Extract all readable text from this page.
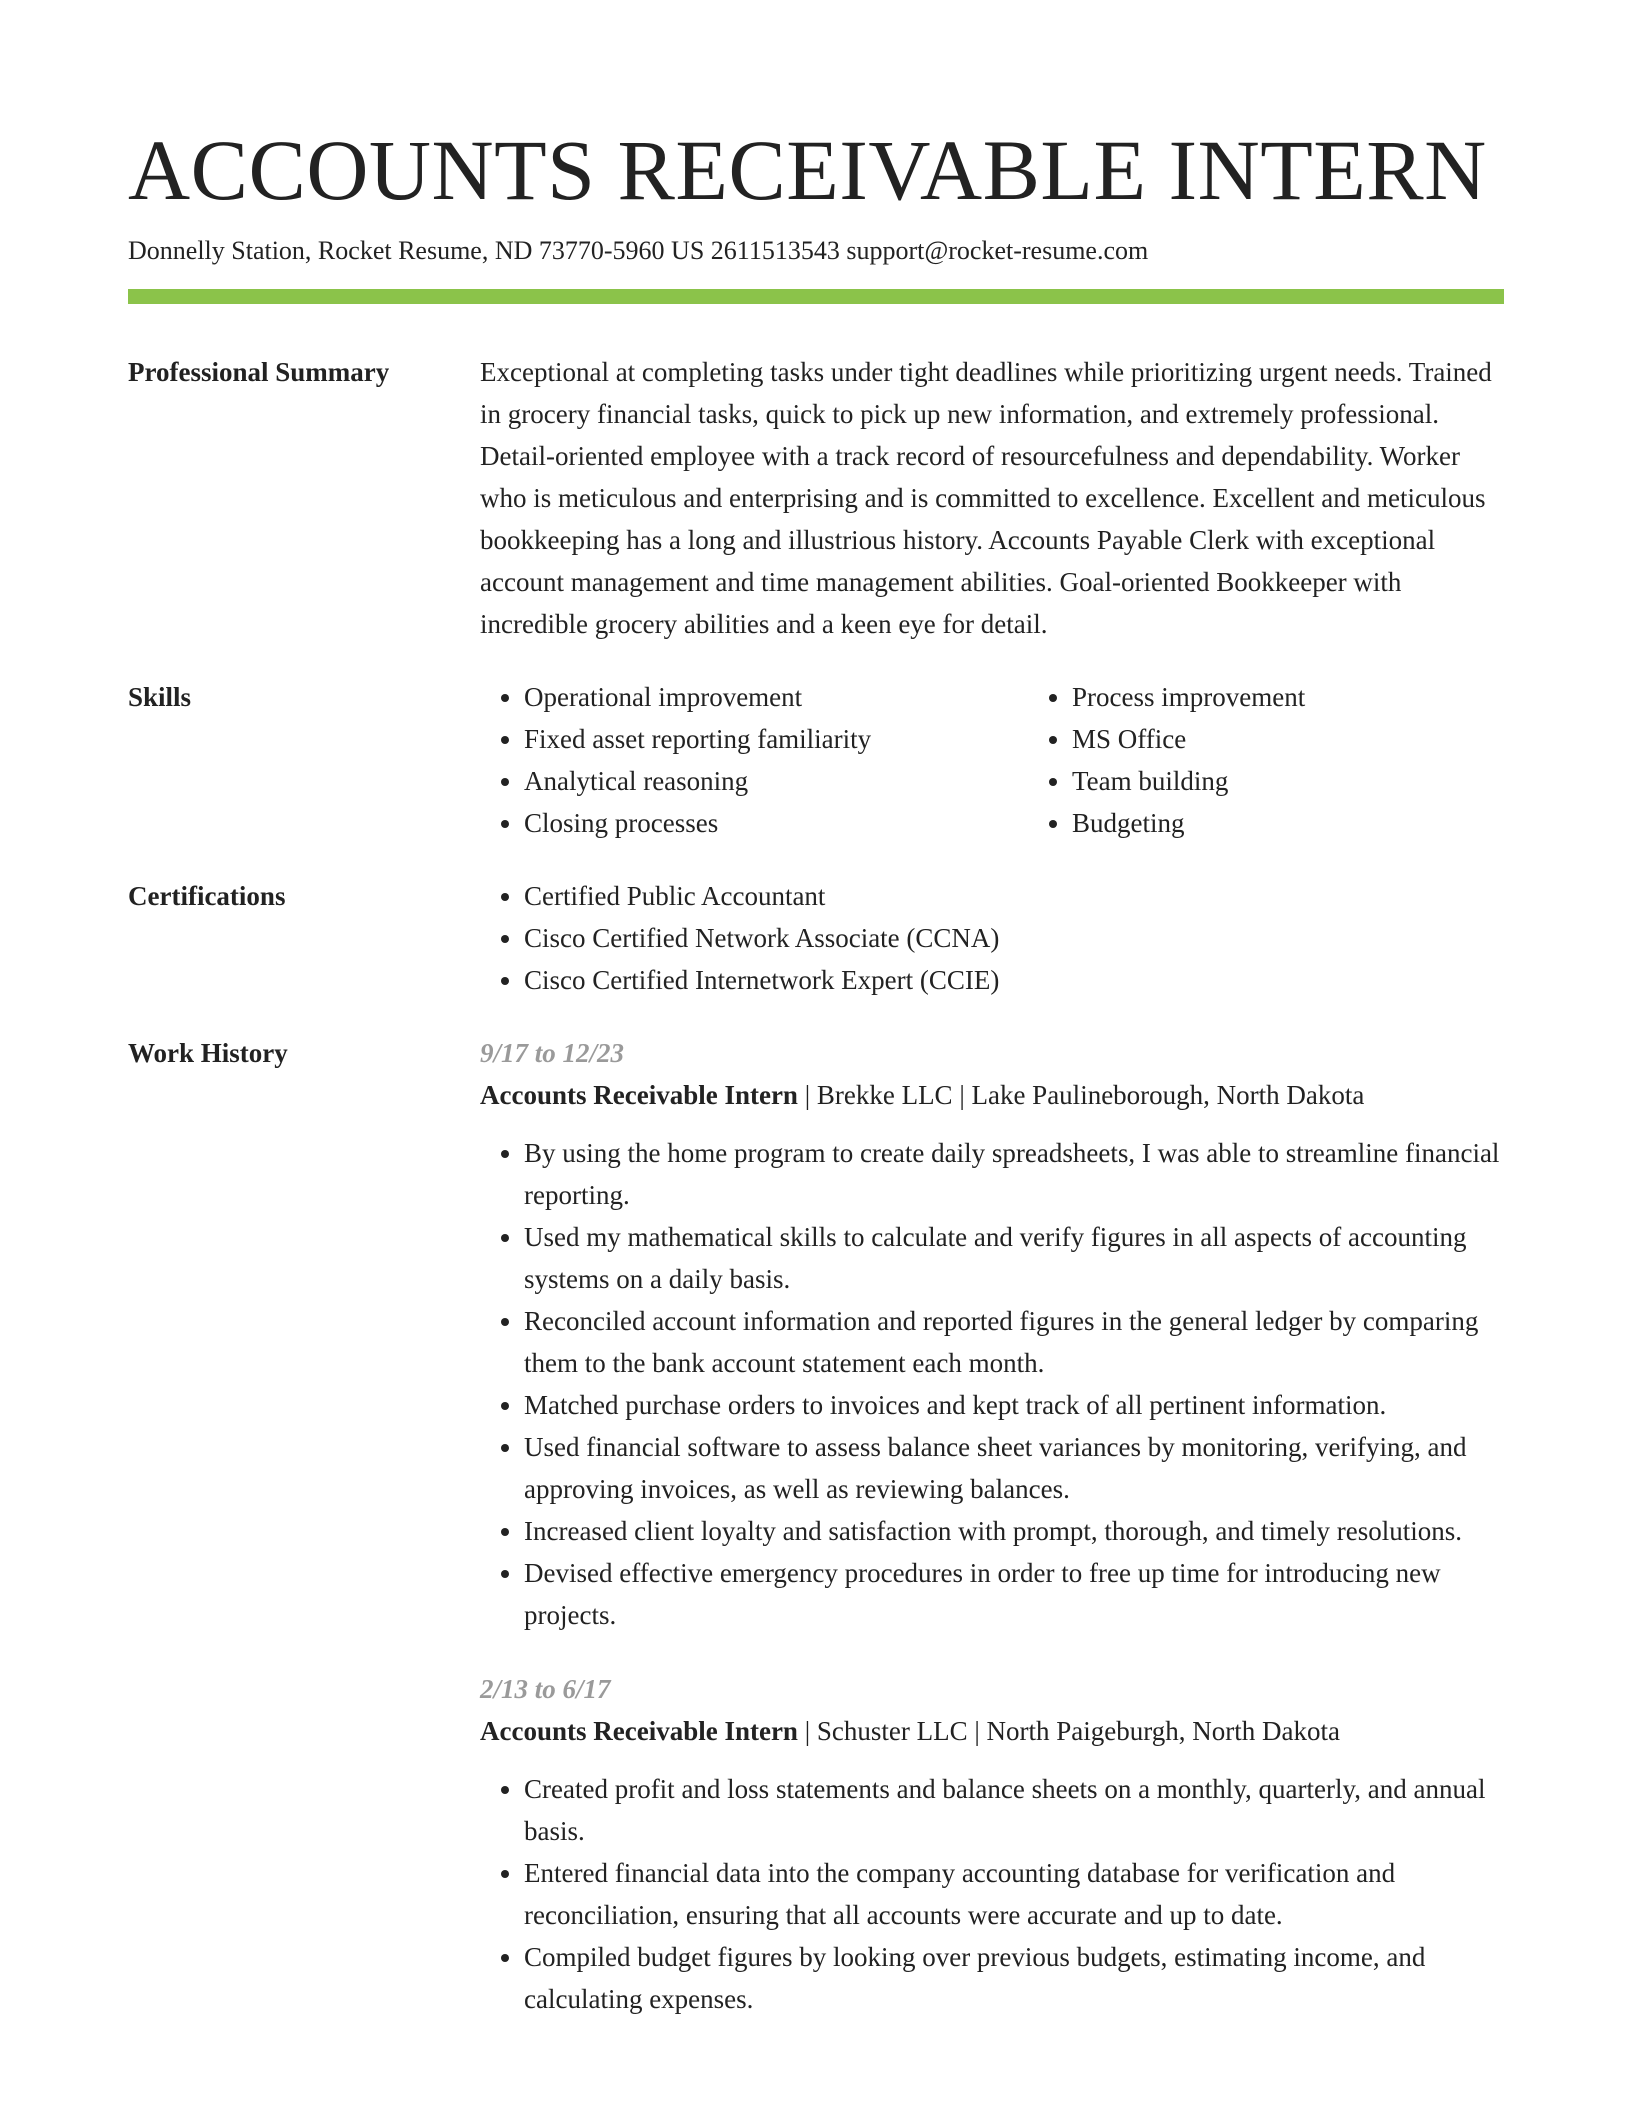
ACCOUNTS RECEIVABLE INTERN
Donnelly Station, Rocket Resume, ND 73770-5960 US 2611513543 support@rocket-resume.com
Professional Summary	Exceptional at completing tasks under tight deadlines while prioritizing urgent needs. Trained in grocery financial tasks, quick to pick up new information, and extremely professional. Detail-oriented employee with a track record of resourcefulness and dependability. Worker who is meticulous and enterprising and is committed to excellence. Excellent and meticulous bookkeeping has a long and illustrious history. Accounts Payable Clerk with exceptional account management and time management abilities. Goal-oriented Bookkeeper with incredible grocery abilities and a keen eye for detail.

Skills	• Operational improvement
• Fixed asset reporting familiarity
• Analytical reasoning
• Closing processes
• Process improvement
• MS Office
• Team building
• Budgeting
Certifications	• Certified Public Accountant
• Cisco Certified Network Associate (CCNA)
• Cisco Certified Internetwork Expert (CCIE)
Work History	9/17 to 12/23
Accounts Receivable Intern | Brekke LLC | Lake Paulineborough, North Dakota
• By using the home program to create daily spreadsheets, I was able to streamline financial reporting.
• Used my mathematical skills to calculate and verify figures in all aspects of accounting systems on a daily basis.
• Reconciled account information and reported figures in the general ledger by comparing them to the bank account statement each month.
• Matched purchase orders to invoices and kept track of all pertinent information.
• Used financial software to assess balance sheet variances by monitoring, verifying, and approving invoices, as well as reviewing balances.
• Increased client loyalty and satisfaction with prompt, thorough, and timely resolutions.
• Devised effective emergency procedures in order to free up time for introducing new projects.
2/13 to 6/17
Accounts Receivable Intern | Schuster LLC | North Paigeburgh, North Dakota
• Created profit and loss statements and balance sheets on a monthly, quarterly, and annual basis.
• Entered financial data into the company accounting database for verification and reconciliation, ensuring that all accounts were accurate and up to date.
• Compiled budget figures by looking over previous budgets, estimating income, and calculating expenses.
